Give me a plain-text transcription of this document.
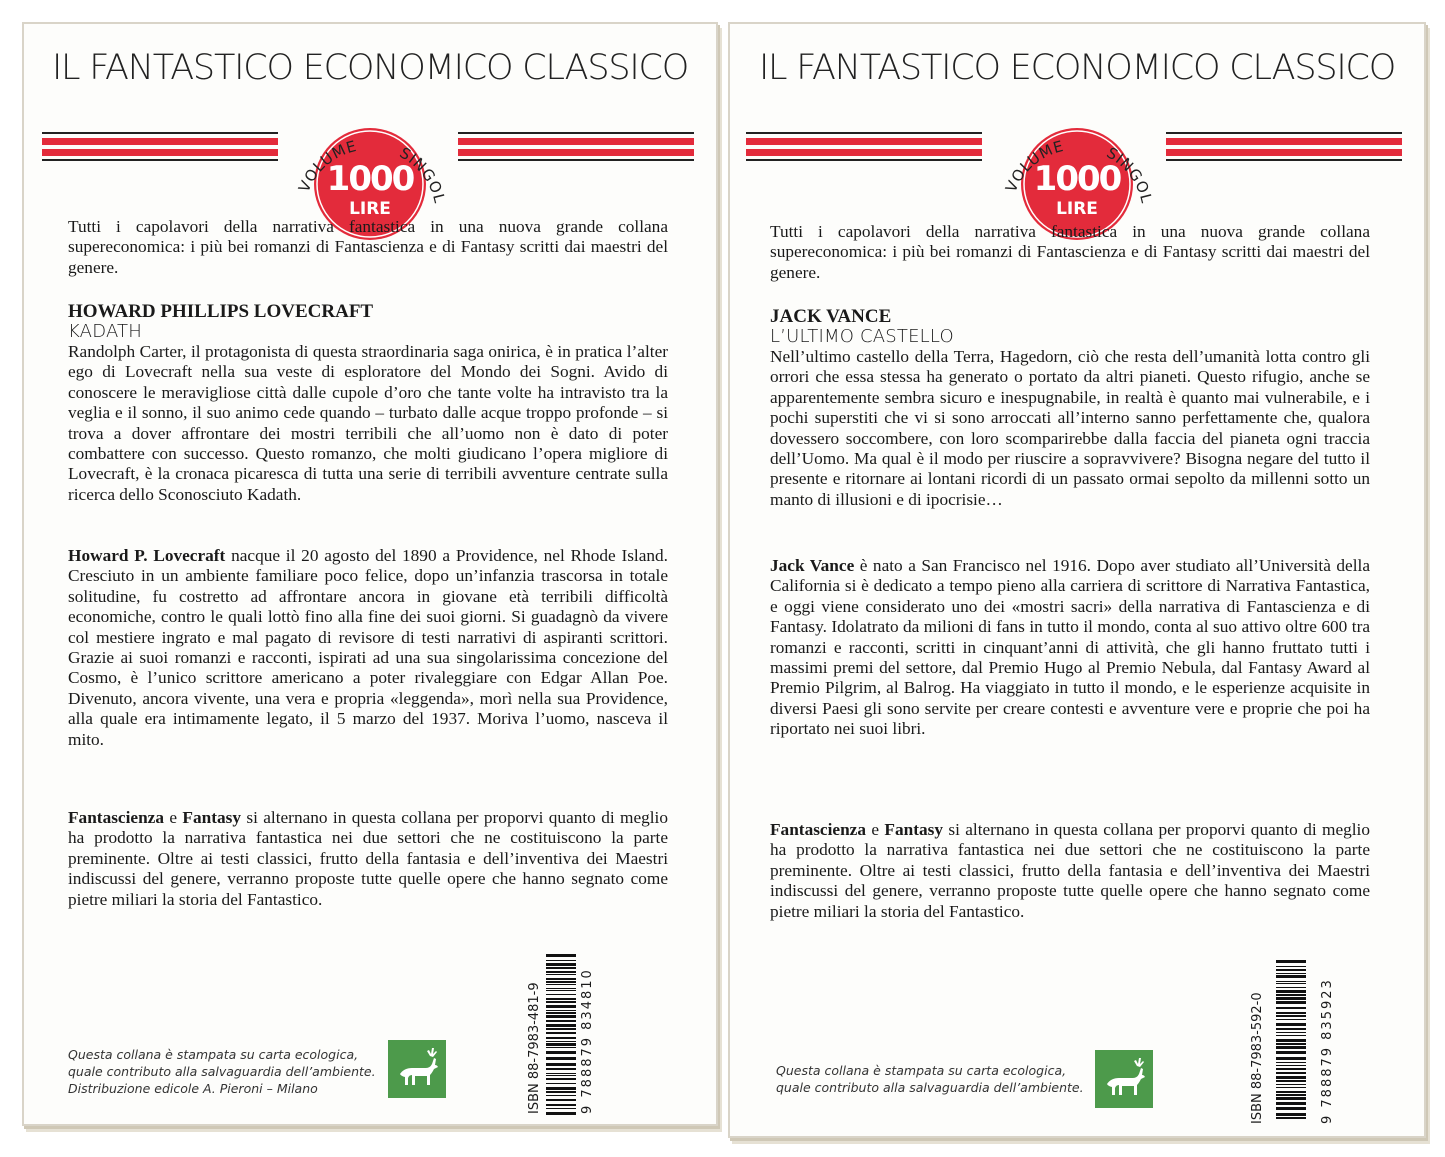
IL FANTASTICO ECONOMICO CLASSICO
VOLUME	SINGOL
1000
LIRE
Tutti i capolavori della narrativa fantastica in una nuova grande collana supereconomica: i più bei romanzi di Fantascienza e di Fantasy scritti dai maestri del genere.

HOWARD PHILLIPS LOVECRAFT

KADATH

Randolph Carter, il protagonista di questa straordinaria saga onirica, è in pratica l’alter ego di Lovecraft nella sua veste di esploratore del Mondo dei Sogni. Avido di conoscere le meravigliose città dalle cupole d’oro che tante volte ha intravisto tra la veglia e il sonno, il suo animo cede quando – turbato dalle acque troppo profonde – si trova a dover affrontare dei mostri terribili che all’uomo non è dato di poter combattere con successo. Questo romanzo, che molti giudicano l’opera migliore di Lovecraft, è la cronaca picaresca di tutta una serie di terribili avventure centrate sulla ricerca dello Sconosciuto Kadath.

Howard P. Lovecraft nacque il 20 agosto del 1890 a Providence, nel Rhode Island. Cresciuto in un ambiente familiare poco felice, dopo un’infanzia trascorsa in totale solitudine, fu costretto ad affrontare ancora in giovane età terribili difficoltà economiche, contro le quali lottò fino alla fine dei suoi giorni. Si guadagnò da vivere col mestiere ingrato e mal pagato di revisore di testi narrativi di aspiranti scrittori. Grazie ai suoi romanzi e racconti, ispirati ad una sua singolarissima concezione del Cosmo, è l’unico scrittore americano a poter rivaleggiare con Edgar Allan Poe. Divenuto, ancora vivente, una vera e propria «leggenda», morì nella sua Providence, alla quale era intimamente legato, il 5 marzo del 1937. Moriva l’uomo, nasceva il mito.

Fantascienza e Fantasy si alternano in questa collana per proporvi quanto di meglio ha prodotto la narrativa fantastica nei due settori che ne costituiscono la parte preminente. Oltre ai testi classici, frutto della fantasia e dell’inventiva dei Maestri indiscussi del genere, verranno proposte tutte quelle opere che hanno segnato come pietre miliari la storia del Fantastico.

ISBN 88-7983-481-9	9 788879 834810
Questa collana è stampata su carta ecologica,
quale contributo alla salvaguardia dell’ambiente.
Distribuzione edicole A. Pieroni – Milano
IL FANTASTICO ECONOMICO CLASSICO
VOLUME	SINGOL
1000
LIRE
Tutti i capolavori della narrativa fantastica in una nuova grande collana supereconomica: i più bei romanzi di Fantascienza e di Fantasy scritti dai maestri del genere.

JACK VANCE

L’ULTIMO CASTELLO

Nell’ultimo castello della Terra, Hagedorn, ciò che resta dell’umanità lotta contro gli orrori che essa stessa ha generato o portato da altri pianeti. Questo rifugio, anche se apparentemente sembra sicuro e inespugnabile, in realtà è quanto mai vulnerabile, e i pochi superstiti che vi si sono arroccati all’interno sanno perfettamente che, qualora dovessero soccombere, con loro scomparirebbe dalla faccia del pianeta ogni traccia dell’Uomo. Ma qual è il modo per riuscire a sopravvivere? Bisogna negare del tutto il presente e ritornare ai lontani ricordi di un passato ormai sepolto da millenni sotto un manto di illusioni e di ipocrisie…

Jack Vance è nato a San Francisco nel 1916. Dopo aver studiato all’Università della California si è dedicato a tempo pieno alla carriera di scrittore di Narrativa Fantastica, e oggi viene considerato uno dei «mostri sacri» della narrativa di Fantascienza e di Fantasy. Idolatrato da milioni di fans in tutto il mondo, conta al suo attivo oltre 600 tra romanzi e racconti, scritti in cinquant’anni di attività, che gli hanno fruttato tutti i massimi premi del settore, dal Premio Hugo al Premio Nebula, dal Fantasy Award al Premio Pilgrim, al Balrog. Ha viaggiato in tutto il mondo, e le esperienze acquisite in diversi Paesi gli sono servite per creare contesti e avventure vere e proprie che poi ha riportato nei suoi libri.

Fantascienza e Fantasy si alternano in questa collana per proporvi quanto di meglio ha prodotto la narrativa fantastica nei due settori che ne costituiscono la parte preminente. Oltre ai testi classici, frutto della fantasia e dell’inventiva dei Maestri indiscussi del genere, verranno proposte tutte quelle opere che hanno segnato come pietre miliari la storia del Fantastico.

ISBN 88-7983-592-0	9 788879 835923
Questa collana è stampata su carta ecologica,
quale contributo alla salvaguardia dell’ambiente.
